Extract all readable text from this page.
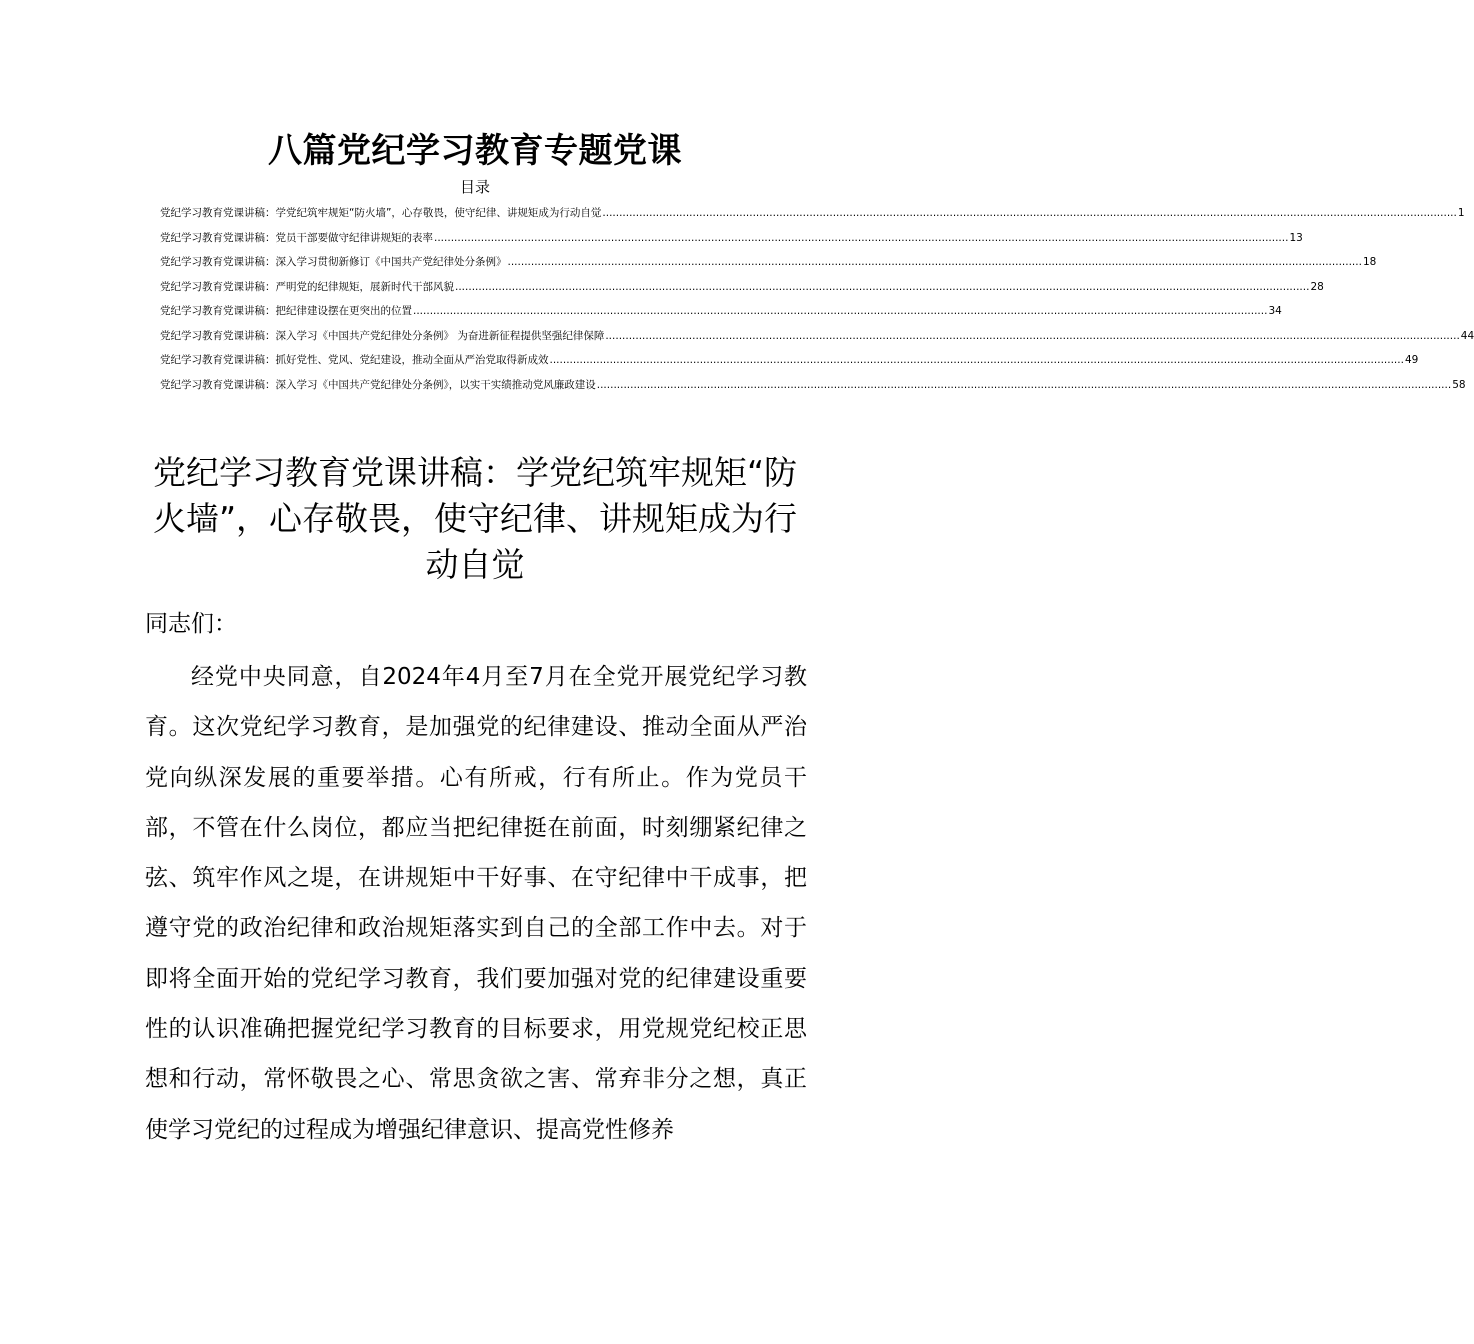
八篇党纪学习教育专题党课
目录
党纪学习教育党课讲稿：学党纪筑牢规矩“防火墙”，心存敬畏，使守纪律、讲规矩成为行动自觉 .....	1
党纪学习教育党课讲稿：党员干部要做守纪律讲规矩的表率 .....	13
党纪学习教育党课讲稿：深入学习贯彻新修订《中国共产党纪律处分条例》 .....	18
党纪学习教育党课讲稿：严明党的纪律规矩，展新时代干部风貌 .....	28
党纪学习教育党课讲稿：把纪律建设摆在更突出的位置 .....	34
党纪学习教育党课讲稿：深入学习《中国共产党纪律处分条例》 为奋进新征程提供坚强纪律保障 .....	44
党纪学习教育党课讲稿：抓好党性、党风、党纪建设，推动全面从严治党取得新成效 .....	49
党纪学习教育党课讲稿：深入学习《中国共产党纪律处分条例》，以实干实绩推动党风廉政建设 .....	58
党纪学习教育党课讲稿：学党纪筑牢规矩“防火墙”，心存敬畏，使守纪律、讲规矩成为行动自觉
同志们：

经党中央同意，自2024年4月至7月在全党开展党纪学习教育。这次党纪学习教育，是加强党的纪律建设、推动全面从严治党向纵深发展的重要举措。心有所戒，行有所止。作为党员干部，不管在什么岗位，都应当把纪律挺在前面，时刻绷紧纪律之弦、筑牢作风之堤，在讲规矩中干好事、在守纪律中干成事，把遵守党的政治纪律和政治规矩落实到自己的全部工作中去。对于即将全面开始的党纪学习教育，我们要加强对党的纪律建设重要性的认识准确把握党纪学习教育的目标要求，用党规党纪校正思想和行动，常怀敬畏之心、常思贪欲之害、常弃非分之想，真正使学习党纪的过程成为增强纪律意识、提高党性修养
